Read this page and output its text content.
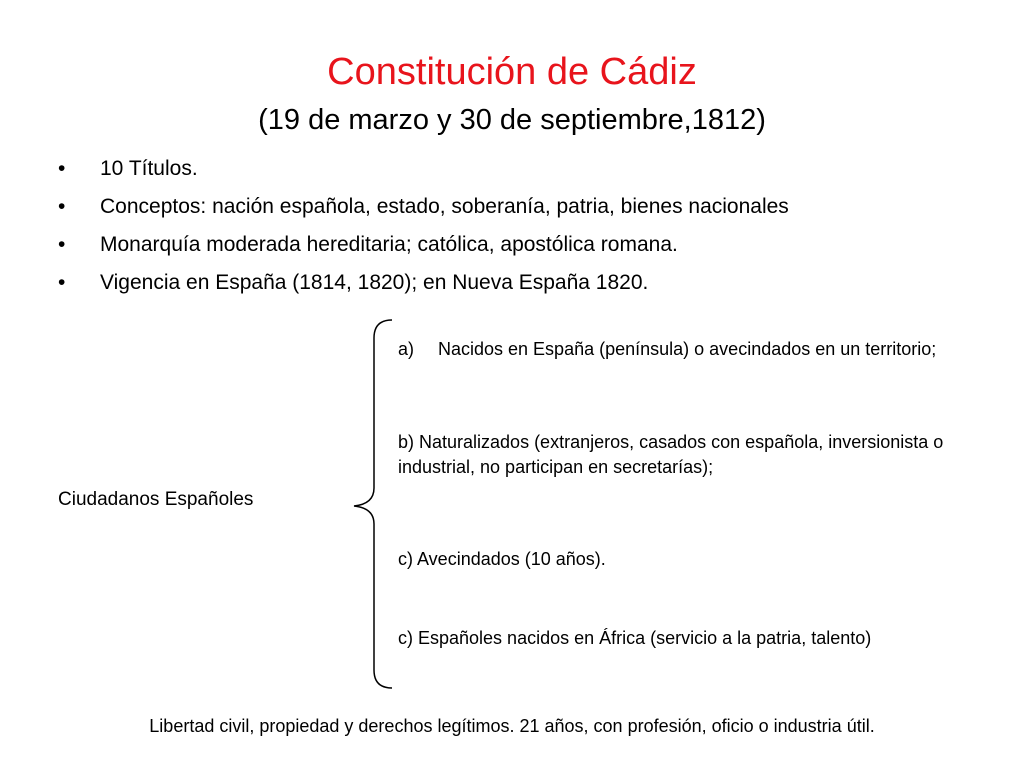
Constitución de Cádiz
(19 de marzo y 30 de septiembre,1812)
• 10 Títulos.
• Conceptos: nación española, estado, soberanía, patria, bienes nacionales
• Monarquía moderada hereditaria; católica, apostólica romana.
• Vigencia en España (1814, 1820); en Nueva España 1820.
Ciudadanos Españoles
a)	Nacidos en España (península) o avecindados en un territorio;
b) Naturalizados (extranjeros, casados con española, inversionista o industrial, no participan en secretarías);
c) Avecindados (10 años).
c) Españoles nacidos en África (servicio a la patria, talento)
Libertad civil, propiedad y derechos legítimos. 21 años, con profesión, oficio o industria útil.
